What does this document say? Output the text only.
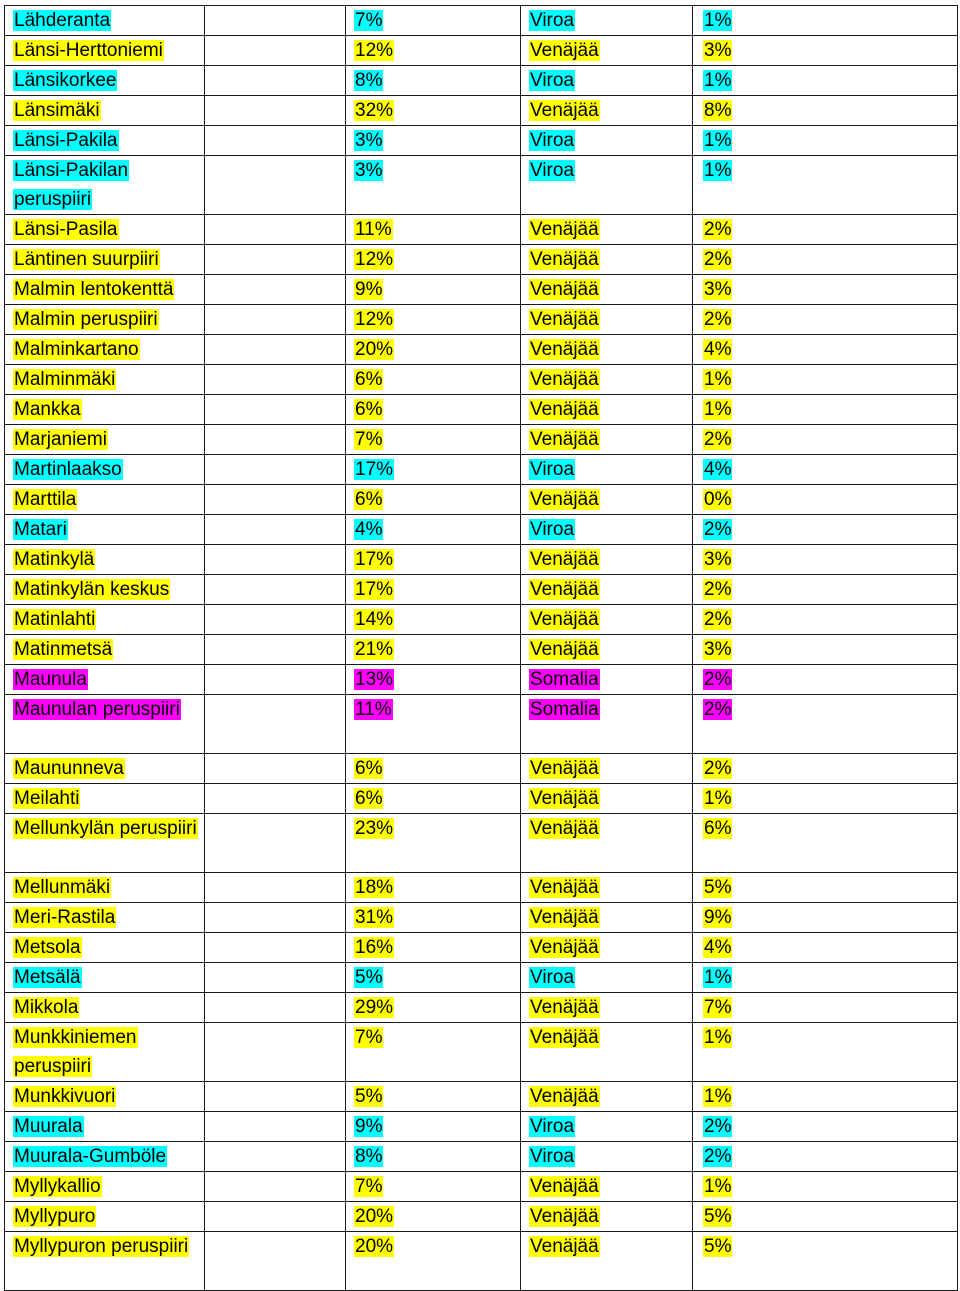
Lähderanta		7%	Viroa	1%
Länsi-Herttoniemi		12%	Venäjää	3%
Länsikorkee		8%	Viroa	1%
Länsimäki		32%	Venäjää	8%
Länsi-Pakila		3%	Viroa	1%
Länsi-Pakilan peruspiiri		3%	Viroa	1%
Länsi-Pasila		11%	Venäjää	2%
Läntinen suurpiiri		12%	Venäjää	2%
Malmin lentokenttä		9%	Venäjää	3%
Malmin peruspiiri		12%	Venäjää	2%
Malminkartano		20%	Venäjää	4%
Malminmäki		6%	Venäjää	1%
Mankka		6%	Venäjää	1%
Marjaniemi		7%	Venäjää	2%
Martinlaakso		17%	Viroa	4%
Marttila		6%	Venäjää	0%
Matari		4%	Viroa	2%
Matinkylä		17%	Venäjää	3%
Matinkylän keskus		17%	Venäjää	2%
Matinlahti		14%	Venäjää	2%
Matinmetsä		21%	Venäjää	3%
Maunula		13%	Somalia	2%
Maunulan peruspiiri		11%	Somalia	2%
Maununneva		6%	Venäjää	2%
Meilahti		6%	Venäjää	1%
Mellunkylän peruspiiri		23%	Venäjää	6%
Mellunmäki		18%	Venäjää	5%
Meri-Rastila		31%	Venäjää	9%
Metsola		16%	Venäjää	4%
Metsälä		5%	Viroa	1%
Mikkola		29%	Venäjää	7%
Munkkiniemen peruspiiri		7%	Venäjää	1%
Munkkivuori		5%	Venäjää	1%
Muurala		9%	Viroa	2%
Muurala-Gumböle		8%	Viroa	2%
Myllykallio		7%	Venäjää	1%
Myllypuro		20%	Venäjää	5%
Myllypuron peruspiiri		20%	Venäjää	5%
